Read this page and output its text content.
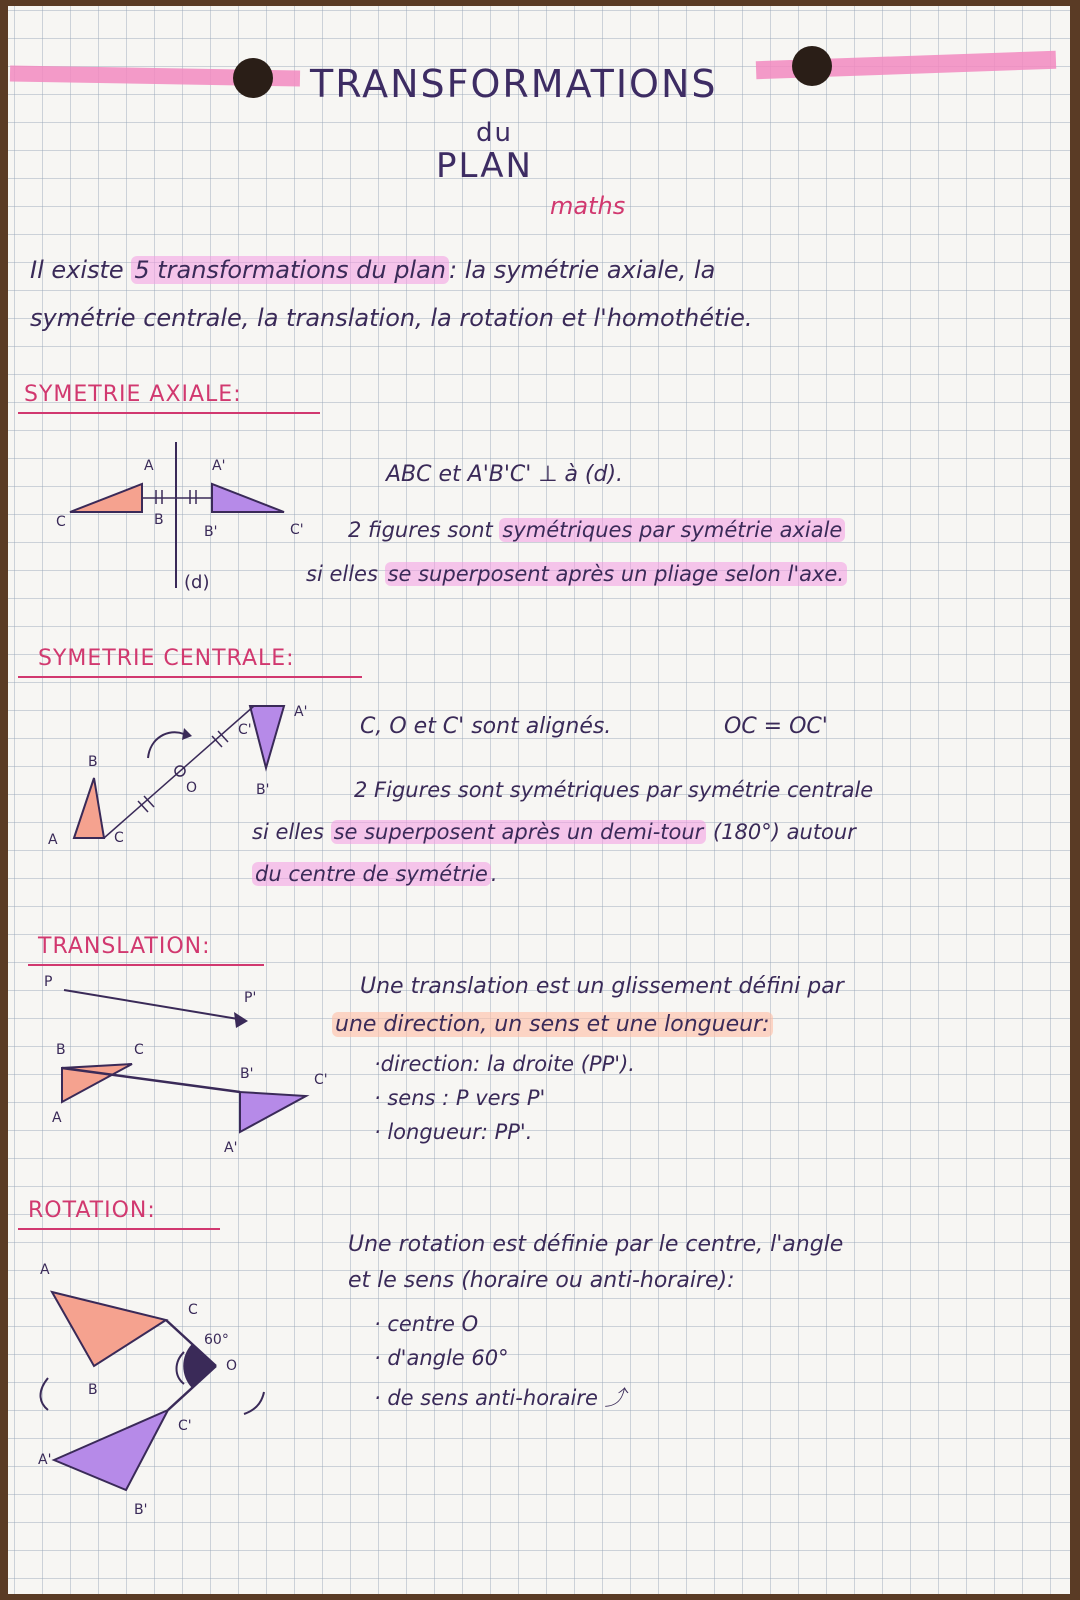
TRANSFORMATIONS
du
PLAN
maths
Il existe 5 transformations du plan : la symétrie axiale, la
symétrie centrale, la translation, la rotation et l'homothétie.
SYMETRIE AXIALE:
A
B
C
A'
B'	C'
(d)
ABC et A'B'C' ⊥ à (d).
2 figures sont symétriques par symétrie axiale
si elles se superposent après un pliage selon l'axe.
SYMETRIE CENTRALE:
A
B
C
A'
B'
C'
O
C, O et C' sont alignés.	OC = OC'
2 Figures sont symétriques par symétrie centrale
si elles se superposent après un demi-tour (180°) autour
du centre de symétrie .
TRANSLATION:
P
P'
B	C
A
B'	C'
A'
Une translation est un glissement défini par
une direction, un sens et une longueur:
·direction: la droite (PP').
· sens : P vers P'
· longueur: PP'.
ROTATION:
A
B
C
A'
B'
C'
O
60°
Une rotation est définie par le centre, l'angle
et le sens (horaire ou anti-horaire):
· centre O
· d'angle 60°
· de sens anti-horaire ⤴
